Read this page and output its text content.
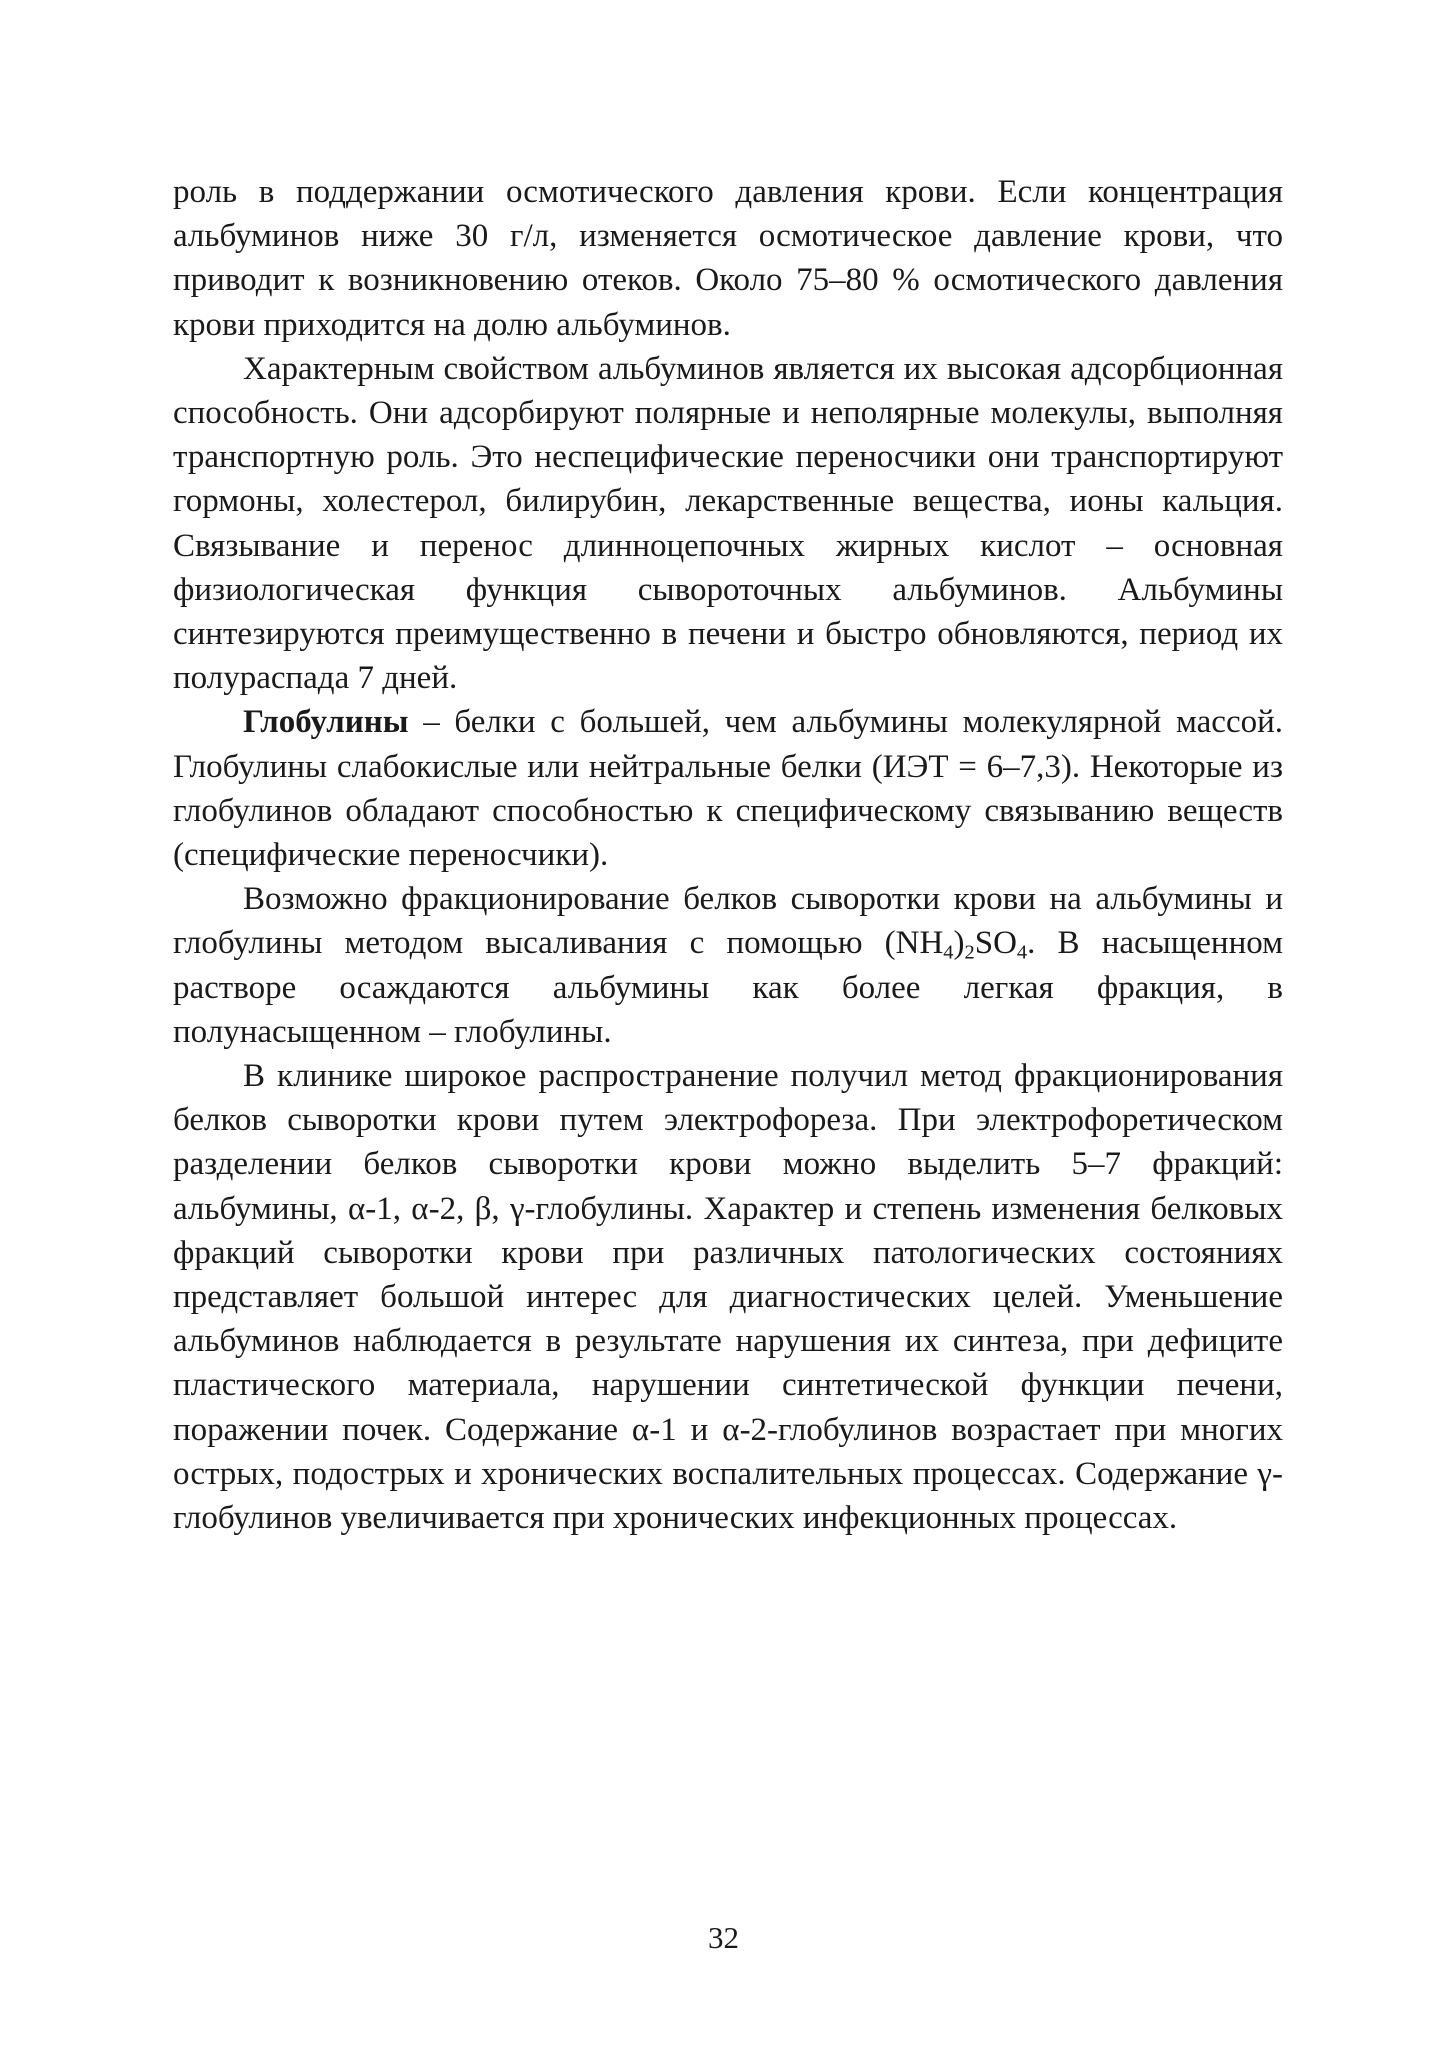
роль в поддержании осмотического давления крови. Если концентрация альбуминов ниже 30 г/л, изменяется осмотическое давление крови, что приводит к возникновению отеков. Около 75–80 % осмотического давления крови приходится на долю альбуминов.

Характерным свойством альбуминов является их высокая адсорбционная способность. Они адсорбируют полярные и неполярные молекулы, выполняя транспортную роль. Это неспецифические переносчики они транспортируют гормоны, холестерол, билирубин, лекарственные вещества, ионы кальция. Связывание и перенос длинноцепочных жирных кислот – основная физиологическая функция сывороточных альбуминов. Альбумины синтезируются преимущественно в печени и быстро обновляются, период их полураспада 7 дней.

Глобулины – белки с большей, чем альбумины молекулярной массой. Глобулины слабокислые или нейтральные белки (ИЭТ = 6–7,3). Некоторые из глобулинов обладают способностью к специфическому связыванию веществ (специфические переносчики).

Возможно фракционирование белков сыворотки крови на альбумины и глобулины методом высаливания с помощью $(NH_4)_2SO_4$. В насыщенном растворе осаждаются альбумины как более легкая фракция, в полунасыщенном – глобулины.

В клинике широкое распространение получил метод фракционирования белков сыворотки крови путем электрофореза. При электрофоретическом разделении белков сыворотки крови можно выделить 5–7 фракций: альбумины, α-1, α-2, β, γ-глобулины. Характер и степень изменения белковых фракций сыворотки крови при различных патологических состояниях представляет большой интерес для диагностических целей. Уменьшение альбуминов наблюдается в результате нарушения их синтеза, при дефиците пластического материала, нарушении синтетической функции печени, поражении почек. Содержание α-1 и α-2-глобулинов возрастает при многих острых, подострых и хронических воспалительных процессах. Содержание γ-глобулинов увеличивается при хронических инфекционных процессах.

32
